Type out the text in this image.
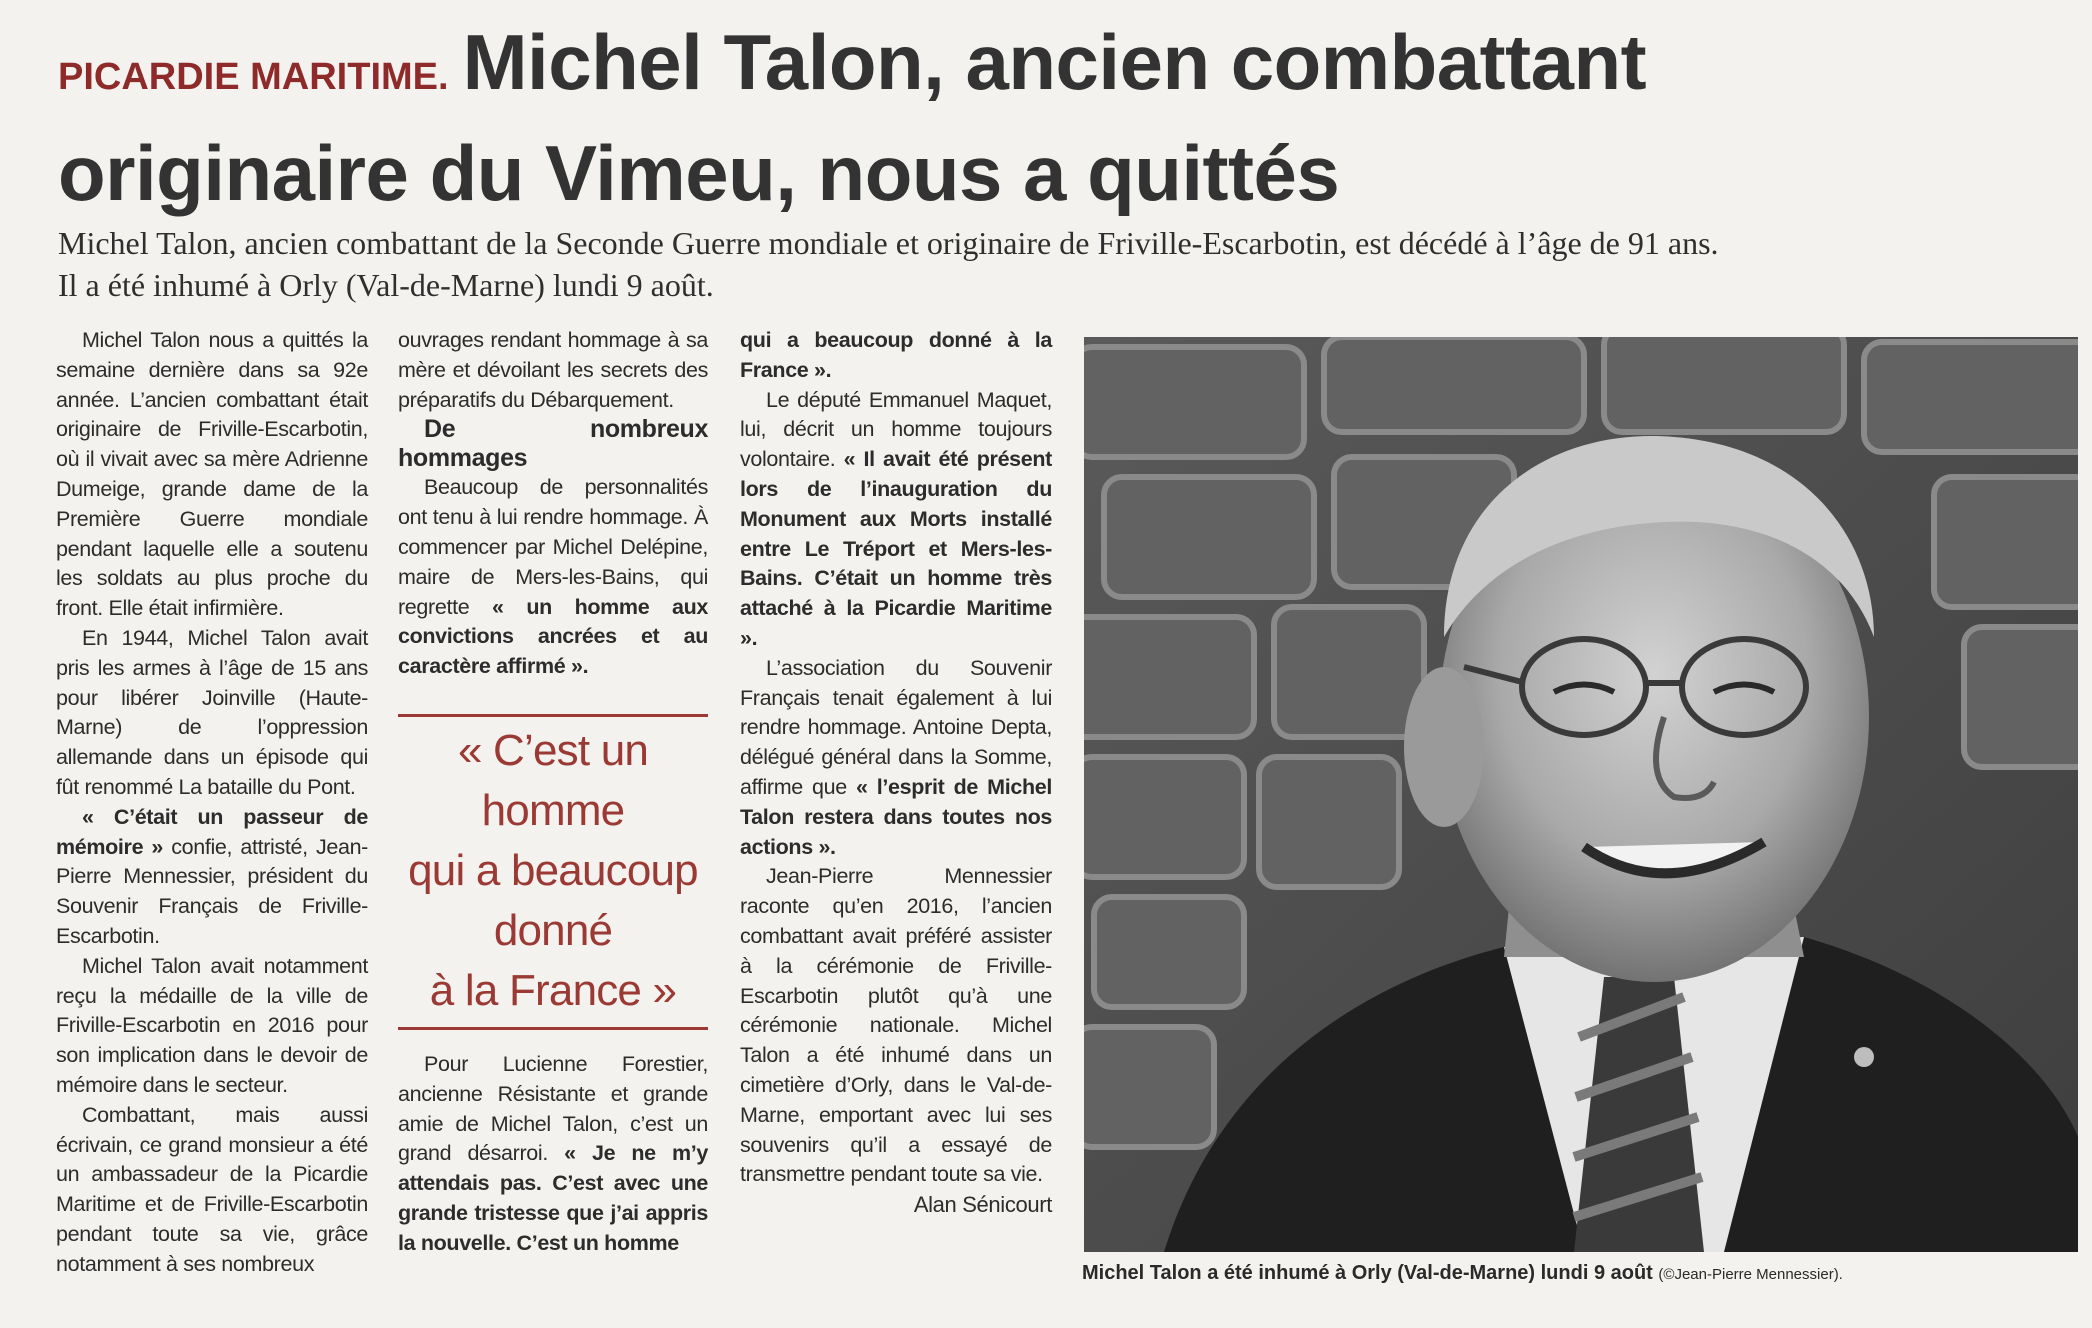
PICARDIE MARITIME. Michel Talon, ancien combattant
originaire du Vimeu, nous a quittés
Michel Talon, ancien combattant de la Seconde Guerre mondiale et originaire de Friville-Escarbotin, est décédé à l’âge de 91 ans.
Il a été inhumé à Orly (Val-de-Marne) lundi 9 août.

Michel Talon nous a quittés la semaine dernière dans sa 92e année. L’ancien combattant était originaire de Friville-Escarbotin, où il vivait avec sa mère Adrienne Dumeige, grande dame de la Première Guerre mondiale pendant laquelle elle a soutenu les soldats au plus proche du front. Elle était infirmière.

En 1944, Michel Talon avait pris les armes à l’âge de 15 ans pour libérer Joinville (Haute-Marne) de l’oppression allemande dans un épisode qui fût renommé La bataille du Pont.

« C’était un passeur de mémoire » confie, attristé, Jean-Pierre Mennessier, président du Souvenir Français de Friville-Escarbotin.

Michel Talon avait notamment reçu la médaille de la ville de Friville-Escarbotin en 2016 pour son implication dans le devoir de mémoire dans le secteur.

Combattant, mais aussi écrivain, ce grand monsieur a été un ambassadeur de la Picardie Maritime et de Friville-Escarbotin pendant toute sa vie, grâce notamment à ses nombreux

ouvrages rendant hommage à sa mère et dévoilant les secrets des préparatifs du Débarquement.

De nombreux hommages

Beaucoup de personnalités ont tenu à lui rendre hommage. À commencer par Michel Delépine, maire de Mers-les-Bains, qui regrette « un homme aux convictions ancrées et au caractère affirmé ».

« C’est un
homme
qui a beaucoup
donné
à la France »

Pour Lucienne Forestier, ancienne Résistante et grande amie de Michel Talon, c’est un grand désarroi. « Je ne m’y attendais pas. C’est avec une grande tristesse que j’ai appris la nouvelle. C’est un homme

qui a beaucoup donné à la France ».

Le député Emmanuel Maquet, lui, décrit un homme toujours volontaire. « Il avait été présent lors de l’inauguration du Monument aux Morts installé entre Le Tréport et Mers-les-Bains. C’était un homme très attaché à la Picardie Maritime ».

L’association du Souvenir Français tenait également à lui rendre hommage. Antoine Depta, délégué général dans la Somme, affirme que « l’esprit de Michel Talon restera dans toutes nos actions ».

Jean-Pierre Mennessier raconte qu’en 2016, l’ancien combattant avait préféré assister à la cérémonie de Friville-Escarbotin plutôt qu’à une cérémonie nationale. Michel Talon a été inhumé dans un cimetière d’Orly, dans le Val-de-Marne, emportant avec lui ses souvenirs qu’il a essayé de transmettre pendant toute sa vie.

Alan Sénicourt

Michel Talon a été inhumé à Orly (Val-de-Marne) lundi 9 août (©Jean-Pierre Mennessier).
